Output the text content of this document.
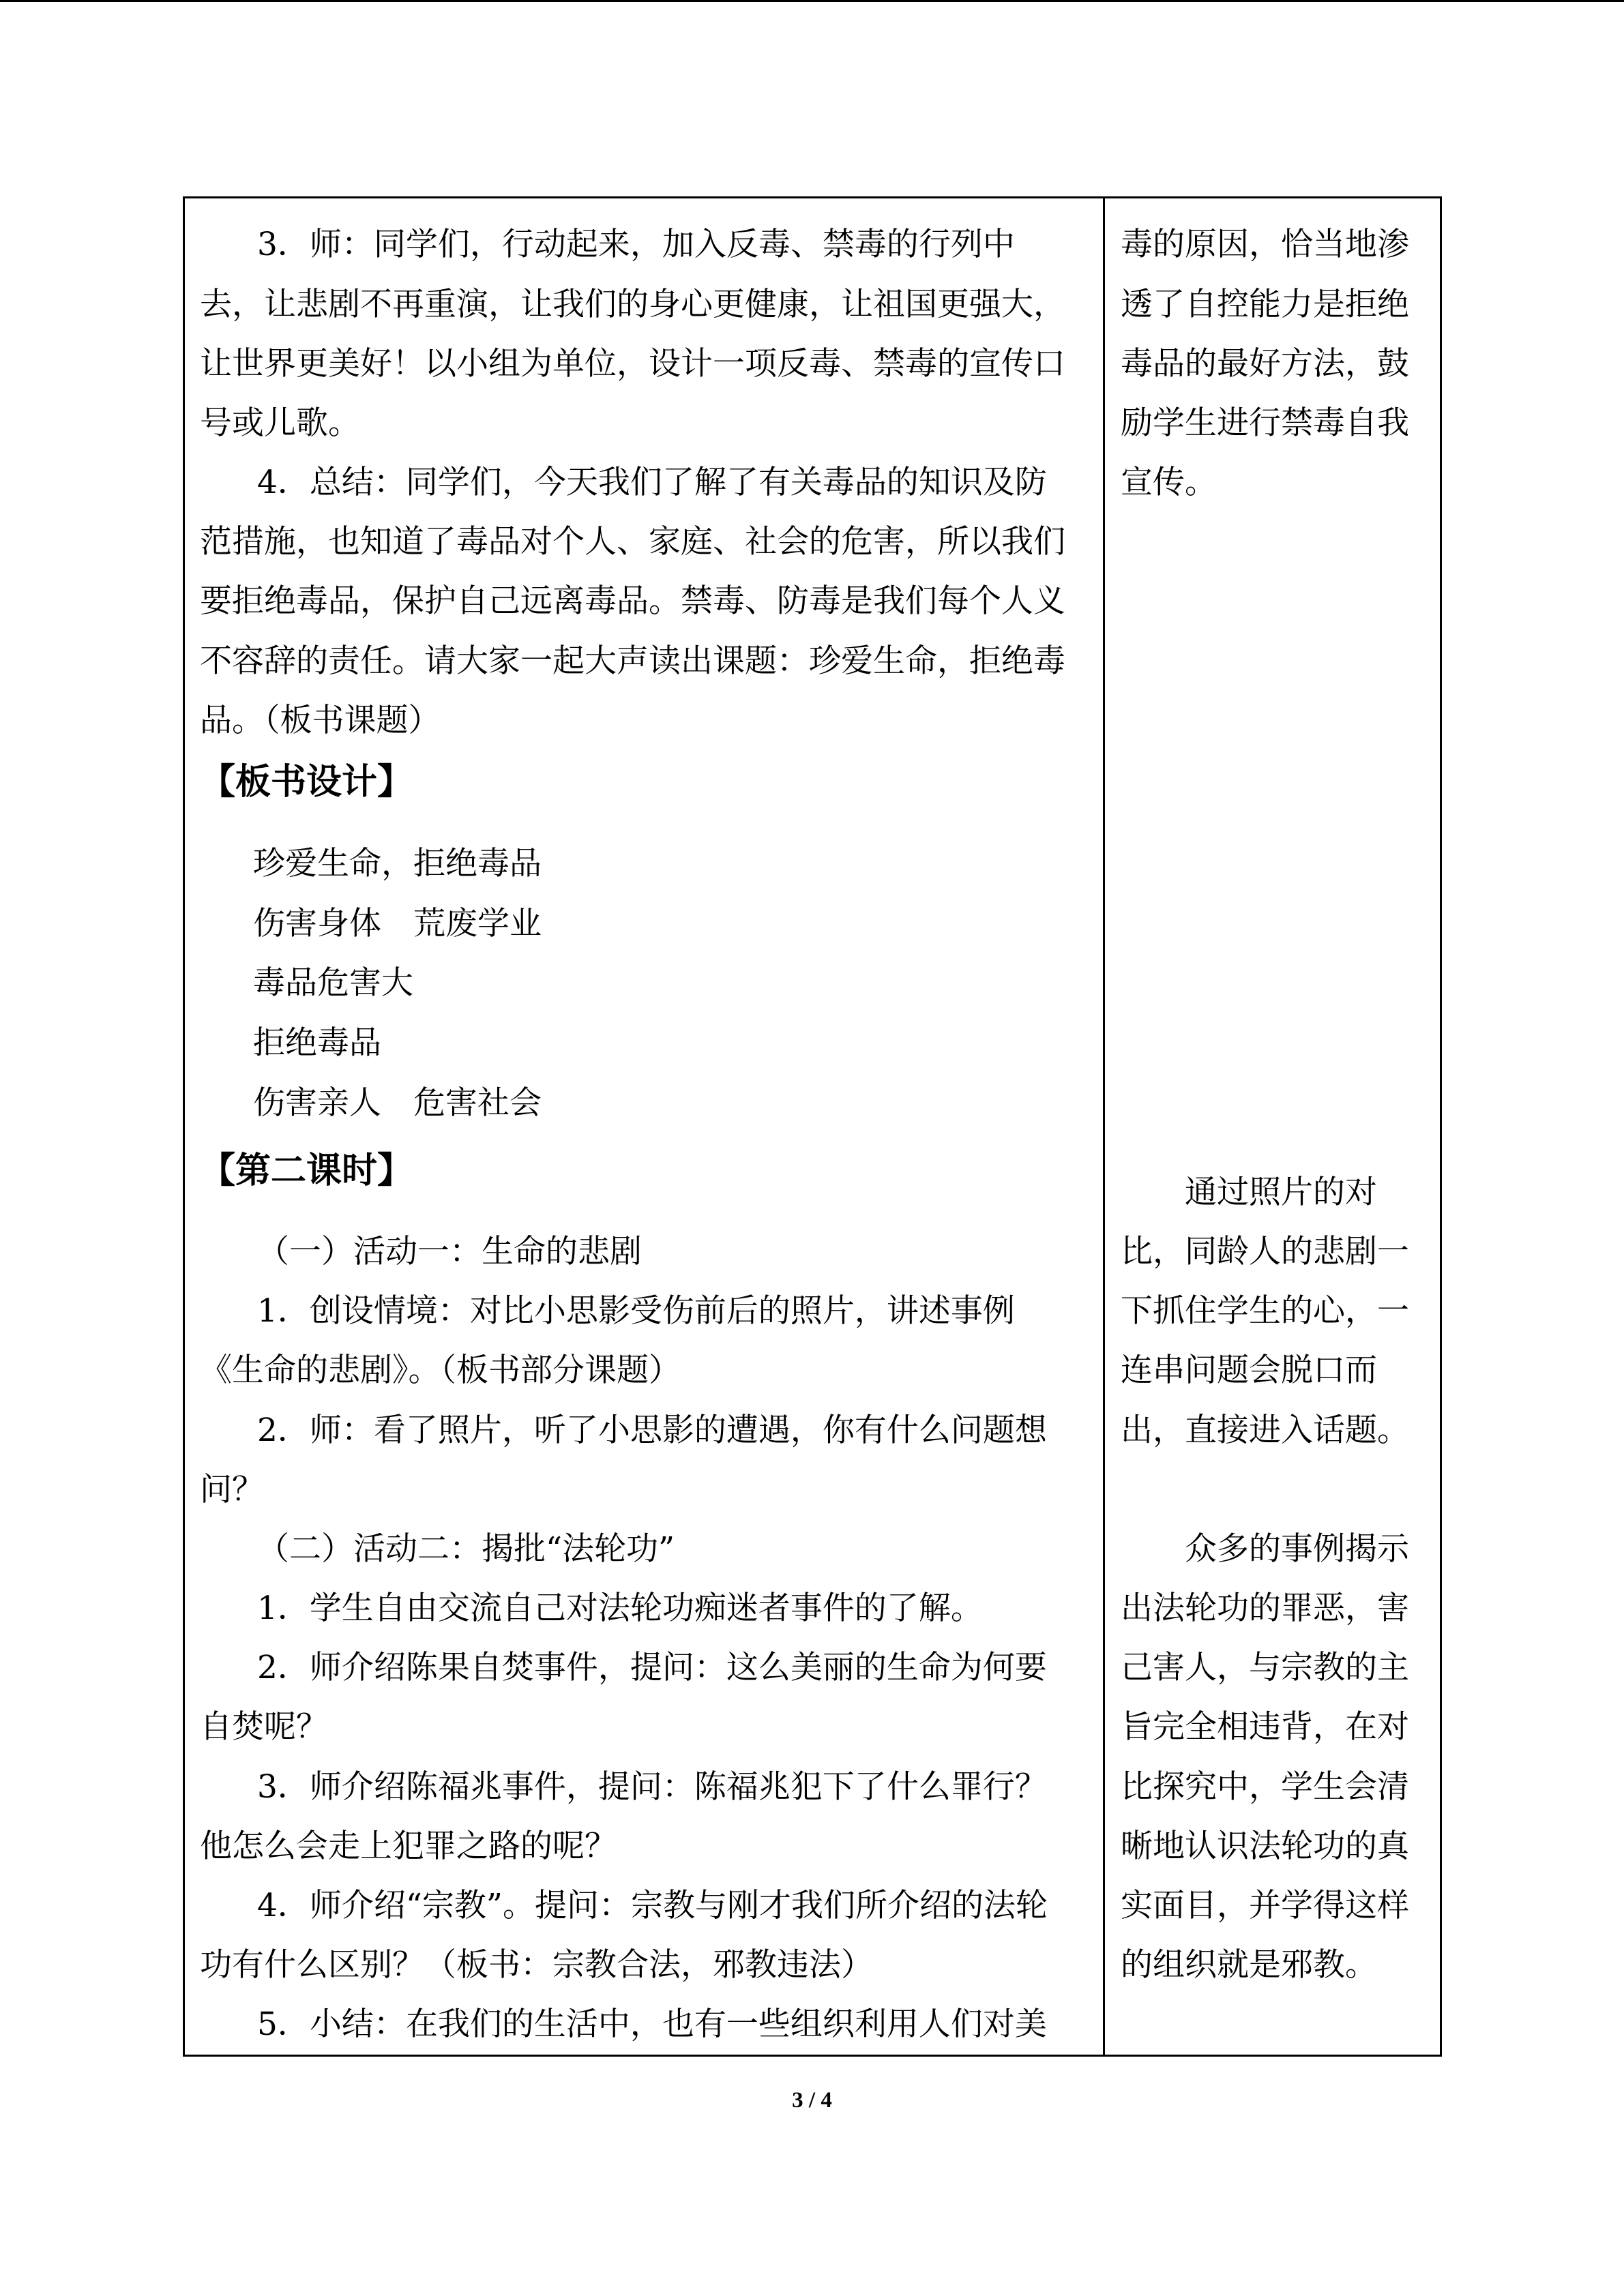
3．师：同学们，行动起来，加入反毒、禁毒的行列中
去，让悲剧不再重演，让我们的身心更健康，让祖国更强大，
让世界更美好！以小组为单位，设计一项反毒、禁毒的宣传口
号或儿歌。
4．总结：同学们，今天我们了解了有关毒品的知识及防
范措施，也知道了毒品对个人、家庭、社会的危害，所以我们
要拒绝毒品，保护自己远离毒品。禁毒、防毒是我们每个人义
不容辞的责任。请大家一起大声读出课题：珍爱生命，拒绝毒
品。（板书课题）
【板书设计】
珍爱生命，拒绝毒品
伤害身体　荒废学业
毒品危害大
拒绝毒品
伤害亲人　危害社会
【第二课时】
（一）活动一：生命的悲剧
1．创设情境：对比小思影受伤前后的照片，讲述事例
《生命的悲剧》。（板书部分课题）
2．师：看了照片，听了小思影的遭遇，你有什么问题想
问？
（二）活动二：揭批“法轮功”
1．学生自由交流自己对法轮功痴迷者事件的了解。
2．师介绍陈果自焚事件，提问：这么美丽的生命为何要
自焚呢？
3．师介绍陈福兆事件，提问：陈福兆犯下了什么罪行？
他怎么会走上犯罪之路的呢？
4．师介绍“宗教”。提问：宗教与刚才我们所介绍的法轮
功有什么区别？（板书：宗教合法，邪教违法）
5．小结：在我们的生活中，也有一些组织利用人们对美
毒的原因，恰当地渗
透了自控能力是拒绝
毒品的最好方法，鼓
励学生进行禁毒自我
宣传。
通过照片的对
比，同龄人的悲剧一
下抓住学生的心，一
连串问题会脱口而
出，直接进入话题。
众多的事例揭示
出法轮功的罪恶，害
己害人，与宗教的主
旨完全相违背，在对
比探究中，学生会清
晰地认识法轮功的真
实面目，并学得这样
的组织就是邪教。
3 / 4
